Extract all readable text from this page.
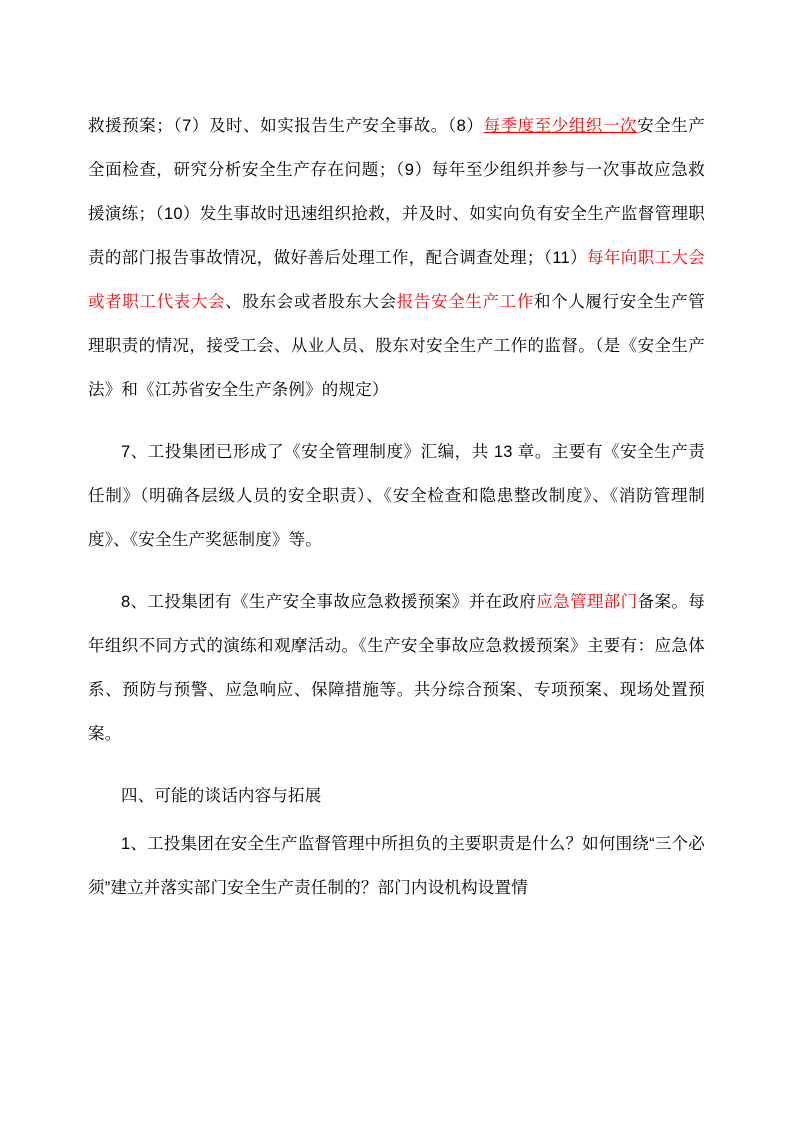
救援预案；（7）及时、如实报告生产安全事故。（8）每季度至少组织一次安全生产全面检查，研究分析安全生产存在问题；（9）每年至少组织并参与一次事故应急救援演练；（10）发生事故时迅速组织抢救，并及时、如实向负有安全生产监督管理职责的部门报告事故情况，做好善后处理工作，配合调查处理；（11）每年向职工大会或者职工代表大会、股东会或者股东大会报告安全生产工作和个人履行安全生产管理职责的情况，接受工会、从业人员、股东对安全生产工作的监督。（是《安全生产法》和《江苏省安全生产条例》的规定）

7、工投集团已形成了《安全管理制度》汇编，共 13 章。主要有《安全生产责任制》（明确各层级人员的安全职责）、《安全检查和隐患整改制度》、《消防管理制度》、《安全生产奖惩制度》等。

8、工投集团有《生产安全事故应急救援预案》并在政府应急管理部门备案。每年组织不同方式的演练和观摩活动。《生产安全事故应急救援预案》主要有：应急体系、预防与预警、应急响应、保障措施等。共分综合预案、专项预案、现场处置预案。

四、可能的谈话内容与拓展

1、工投集团在安全生产监督管理中所担负的主要职责是什么？如何围绕“三个必须”建立并落实部门安全生产责任制的？部门内设机构设置情
